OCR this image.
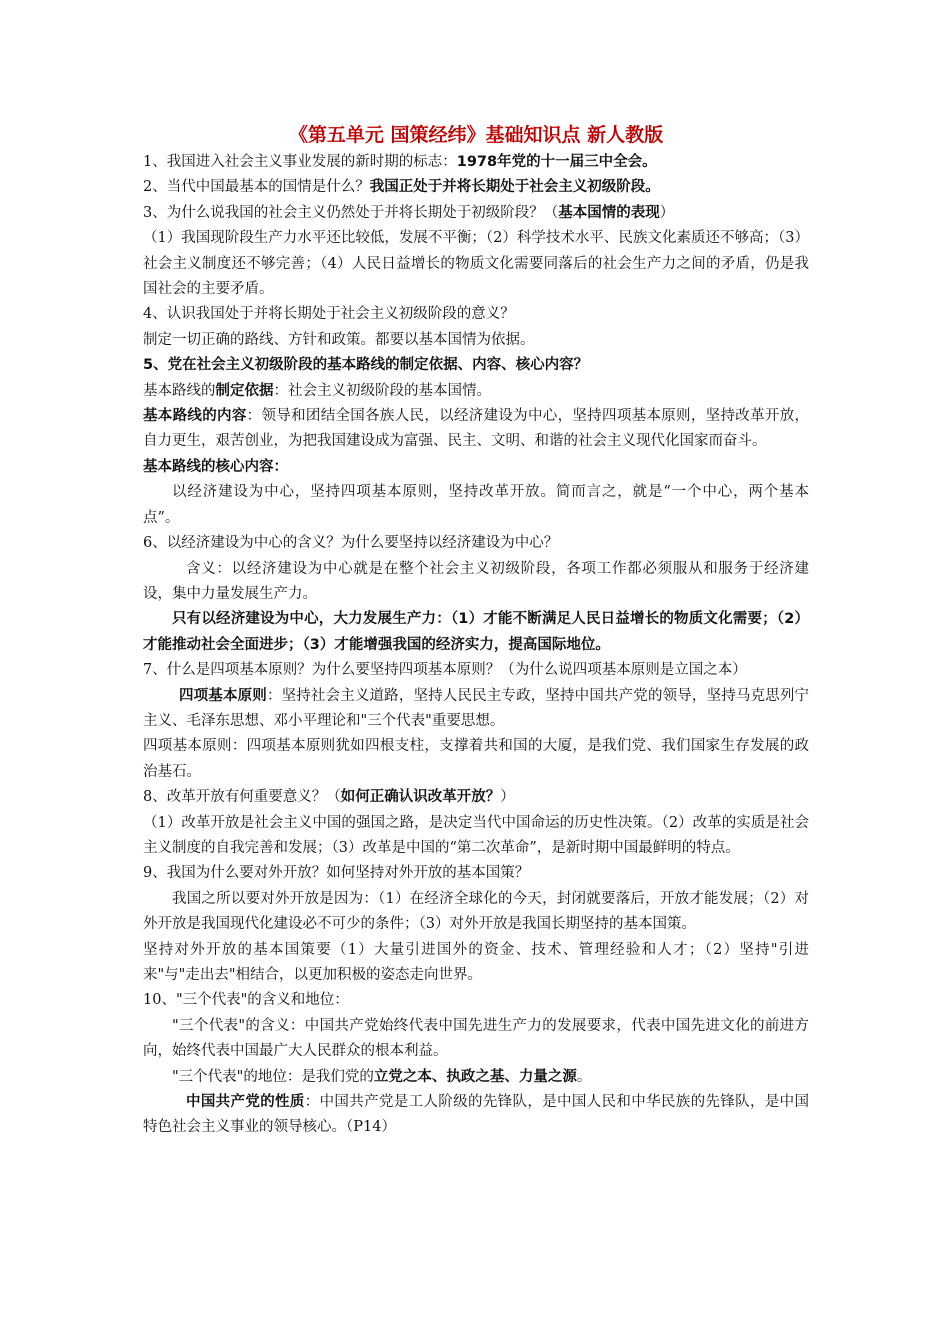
《第五单元 国策经纬》基础知识点 新人教版

1、我国进入社会主义事业发展的新时期的标志：1978年党的十一届三中全会。

2、当代中国最基本的国情是什么？我国正处于并将长期处于社会主义初级阶段。

3、为什么说我国的社会主义仍然处于并将长期处于初级阶段？（基本国情的表现）

（1）我国现阶段生产力水平还比较低，发展不平衡；（2）科学技术水平、民族文化素质还不够高；（3）社会主义制度还不够完善；（4）人民日益增长的物质文化需要同落后的社会生产力之间的矛盾，仍是我国社会的主要矛盾。

4、认识我国处于并将长期处于社会主义初级阶段的意义？

制定一切正确的路线、方针和政策。都要以基本国情为依据。

5、党在社会主义初级阶段的基本路线的制定依据、内容、核心内容？

基本路线的制定依据：社会主义初级阶段的基本国情。

基本路线的内容：领导和团结全国各族人民，以经济建设为中心，坚持四项基本原则，坚持改革开放，自力更生，艰苦创业，为把我国建设成为富强、民主、文明、和谐的社会主义现代化国家而奋斗。

基本路线的核心内容：

以经济建设为中心，坚持四项基本原则，坚持改革开放。简而言之，就是“一个中心，两个基本点”。

6、以经济建设为中心的含义？为什么要坚持以经济建设为中心？

含义：以经济建设为中心就是在整个社会主义初级阶段，各项工作都必须服从和服务于经济建设，集中力量发展生产力。

只有以经济建设为中心，大力发展生产力：（1）才能不断满足人民日益增长的物质文化需要；（2）才能推动社会全面进步；（3）才能增强我国的经济实力，提高国际地位。

7、什么是四项基本原则？为什么要坚持四项基本原则？（为什么说四项基本原则是立国之本）

四项基本原则：坚持社会主义道路，坚持人民民主专政，坚持中国共产党的领导，坚持马克思列宁主义、毛泽东思想、邓小平理论和"三个代表"重要思想。

四项基本原则：四项基本原则犹如四根支柱，支撑着共和国的大厦，是我们党、我们国家生存发展的政治基石。

8、改革开放有何重要意义？（如何正确认识改革开放？）

（1）改革开放是社会主义中国的强国之路，是决定当代中国命运的历史性决策。（2）改革的实质是社会主义制度的自我完善和发展；（3）改革是中国的“第二次革命”，是新时期中国最鲜明的特点。

9、我国为什么要对外开放？如何坚持对外开放的基本国策？

我国之所以要对外开放是因为：（1）在经济全球化的今天，封闭就要落后，开放才能发展；（2）对外开放是我国现代化建设必不可少的条件；（3）对外开放是我国长期坚持的基本国策。

坚持对外开放的基本国策要（1）大量引进国外的资金、技术、管理经验和人才；（2）坚持"引进来"与"走出去"相结合，以更加积极的姿态走向世界。

10、"三个代表"的含义和地位：

"三个代表"的含义：中国共产党始终代表中国先进生产力的发展要求，代表中国先进文化的前进方向，始终代表中国最广大人民群众的根本利益。

"三个代表"的地位：是我们党的立党之本、执政之基、力量之源。

中国共产党的性质：中国共产党是工人阶级的先锋队，是中国人民和中华民族的先锋队，是中国特色社会主义事业的领导核心。（P14）
